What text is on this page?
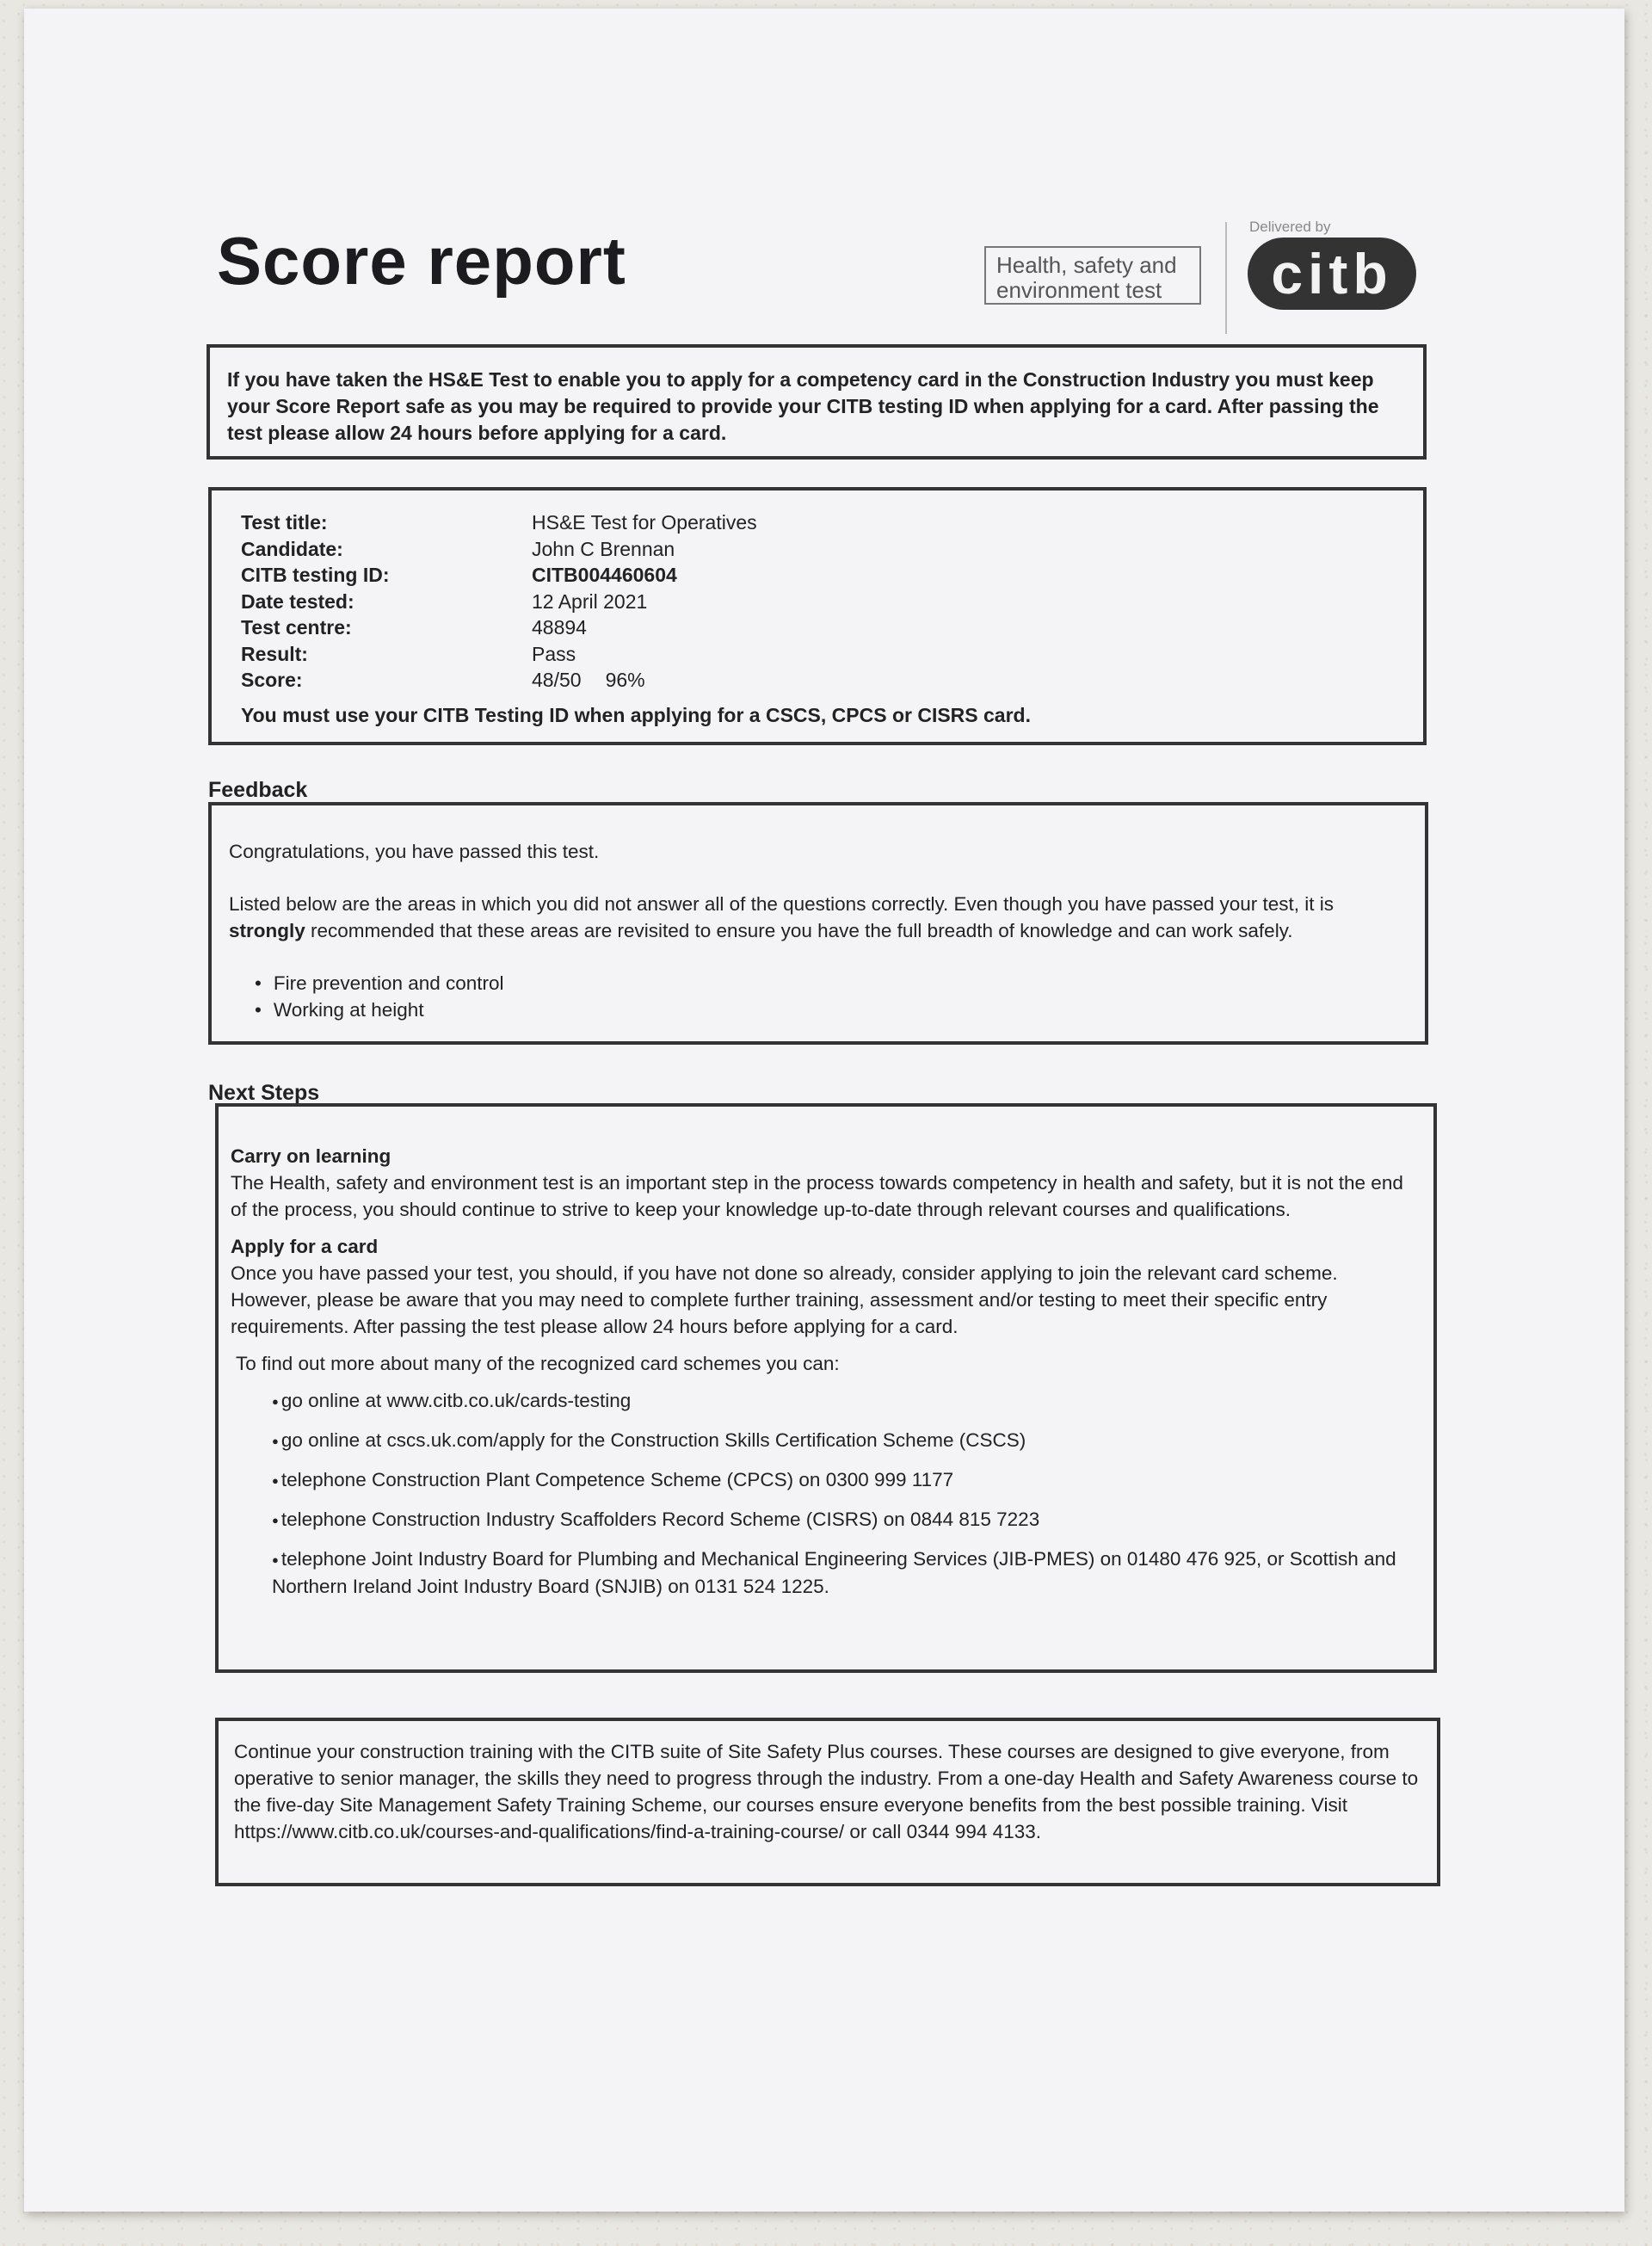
Score report	Health, safety and environment test
Delivered by
citb
If you have taken the HS&E Test to enable you to apply for a competency card in the Construction Industry you must keep your Score Report safe as you may be required to provide your CITB testing ID when applying for a card. After passing the test please allow 24 hours before applying for a card.
Test title:	HS&E Test for Operatives
Candidate:	John C Brennan
CITB testing ID:	CITB004460604
Date tested:	12 April 2021
Test centre:	48894
Result:	Pass
Score:	48/50 96%
You must use your CITB Testing ID when applying for a CSCS, CPCS or CISRS card.
Feedback

Congratulations, you have passed this test.

Listed below are the areas in which you did not answer all of the questions correctly. Even though you have passed your test, it is strongly recommended that these areas are revisited to ensure you have the full breadth of knowledge and can work safely.

• Fire prevention and control
• Working at height
Next Steps
Carry on learning
The Health, safety and environment test is an important step in the process towards competency in health and safety, but it is not the end of the process, you should continue to strive to keep your knowledge up-to-date through relevant courses and qualifications.
Apply for a card
Once you have passed your test, you should, if you have not done so already, consider applying to join the relevant card scheme. However, please be aware that you may need to complete further training, assessment and/or testing to meet their specific entry requirements. After passing the test please allow 24 hours before applying for a card.
To find out more about many of the recognized card schemes you can:
● go online at www.citb.co.uk/cards-testing
● go online at cscs.uk.com/apply for the Construction Skills Certification Scheme (CSCS)
● telephone Construction Plant Competence Scheme (CPCS) on 0300 999 1177
● telephone Construction Industry Scaffolders Record Scheme (CISRS) on 0844 815 7223
● telephone Joint Industry Board for Plumbing and Mechanical Engineering Services (JIB-PMES) on 01480 476 925, or Scottish and Northern Ireland Joint Industry Board (SNJIB) on 0131 524 1225.
Continue your construction training with the CITB suite of Site Safety Plus courses. These courses are designed to give everyone, from operative to senior manager, the skills they need to progress through the industry. From a one-day Health and Safety Awareness course to the five-day Site Management Safety Training Scheme, our courses ensure everyone benefits from the best possible training. Visit https://www.citb.co.uk/courses-and-qualifications/find-a-training-course/ or call 0344 994 4133.
